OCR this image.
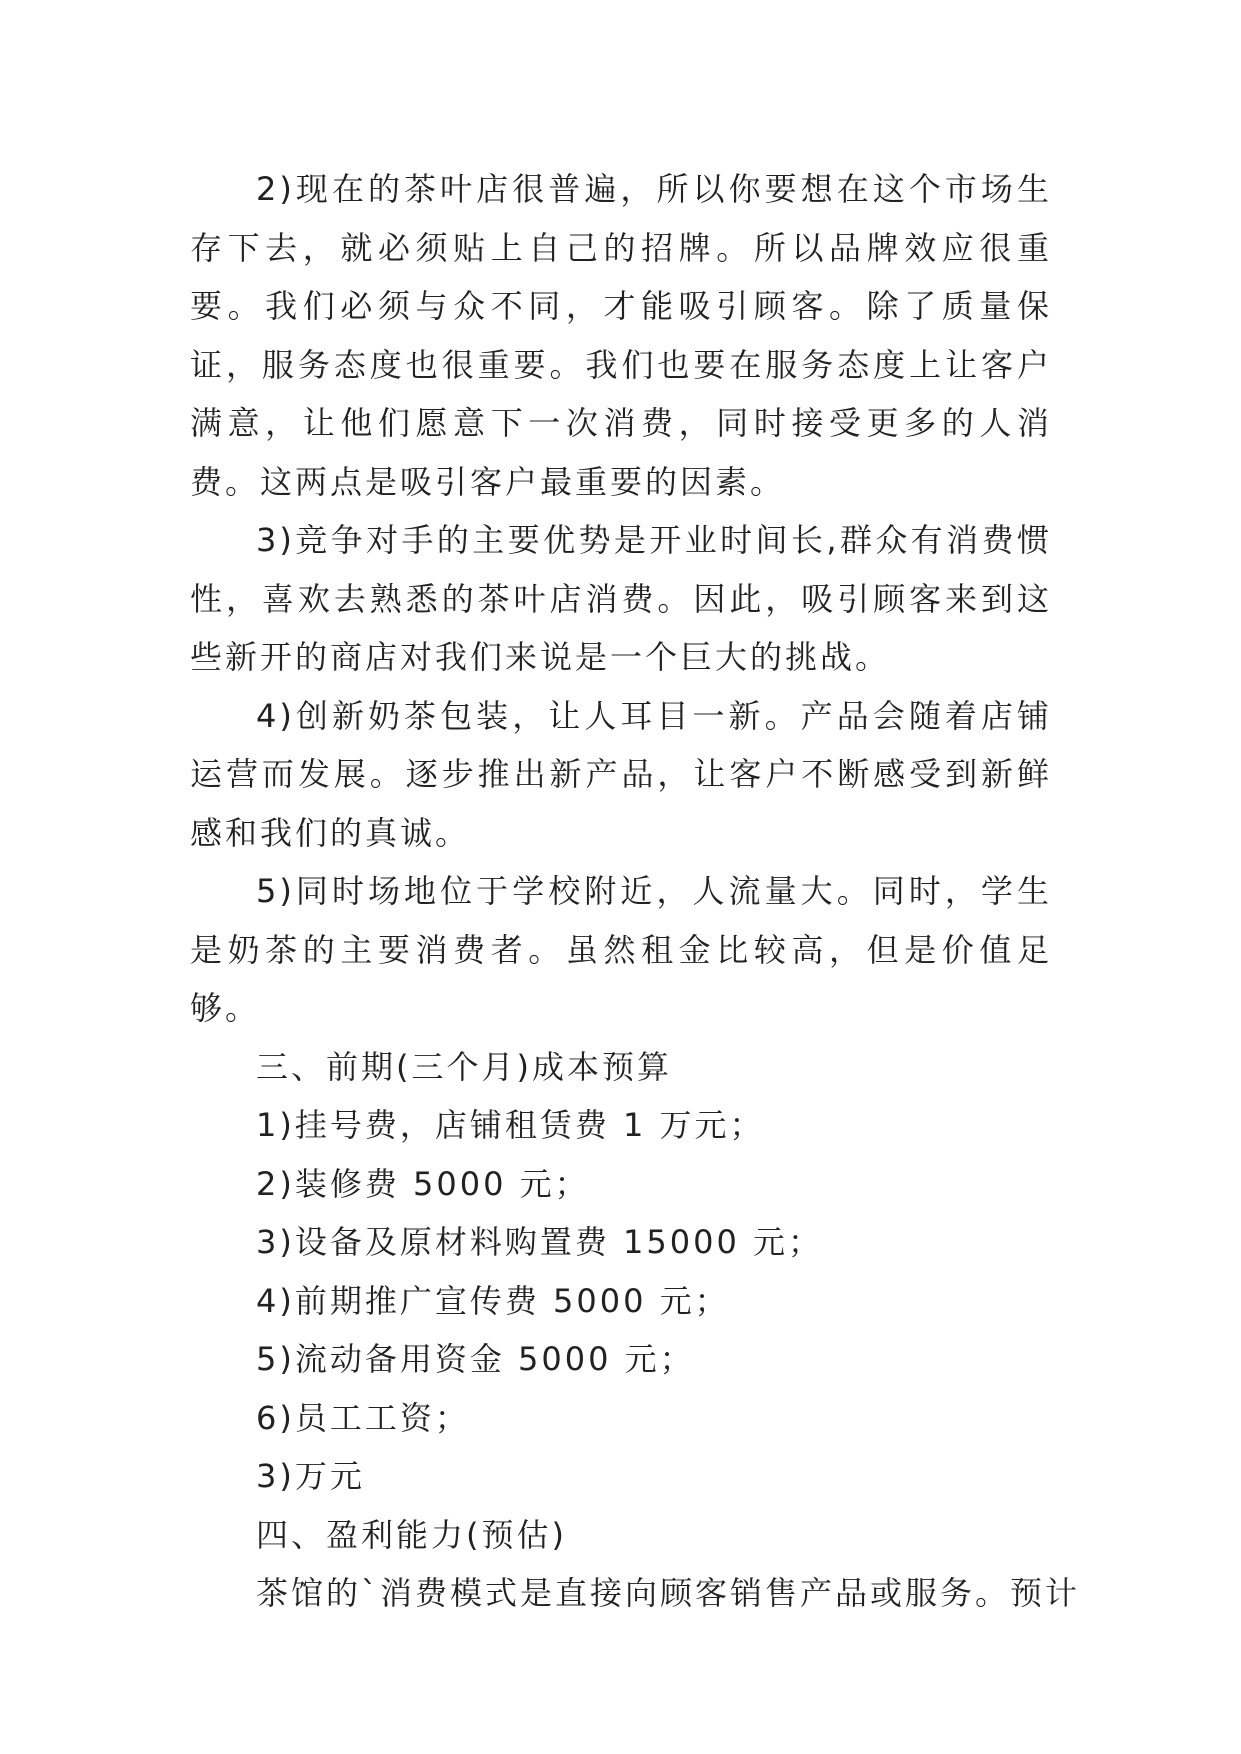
2)现在的茶叶店很普遍，所以你要想在这个市场生存下去，就必须贴上自己的招牌。所以品牌效应很重要。我们必须与众不同，才能吸引顾客。除了质量保证，服务态度也很重要。我们也要在服务态度上让客户满意，让他们愿意下一次消费，同时接受更多的人消费。这两点是吸引客户最重要的因素。

3)竞争对手的主要优势是开业时间长,群众有消费惯性，喜欢去熟悉的茶叶店消费。因此，吸引顾客来到这些新开的商店对我们来说是一个巨大的挑战。

4)创新奶茶包装，让人耳目一新。产品会随着店铺运营而发展。逐步推出新产品，让客户不断感受到新鲜感和我们的真诚。

5)同时场地位于学校附近，人流量大。同时，学生是奶茶的主要消费者。虽然租金比较高，但是价值足够。

三、前期(三个月)成本预算

1)挂号费，店铺租赁费 1 万元；

2)装修费 5000 元；

3)设备及原材料购置费 15000 元；

4)前期推广宣传费 5000 元；

5)流动备用资金 5000 元；

6)员工工资；

3)万元

四、盈利能力(预估)

茶馆的`消费模式是直接向顾客销售产品或服务。预计
